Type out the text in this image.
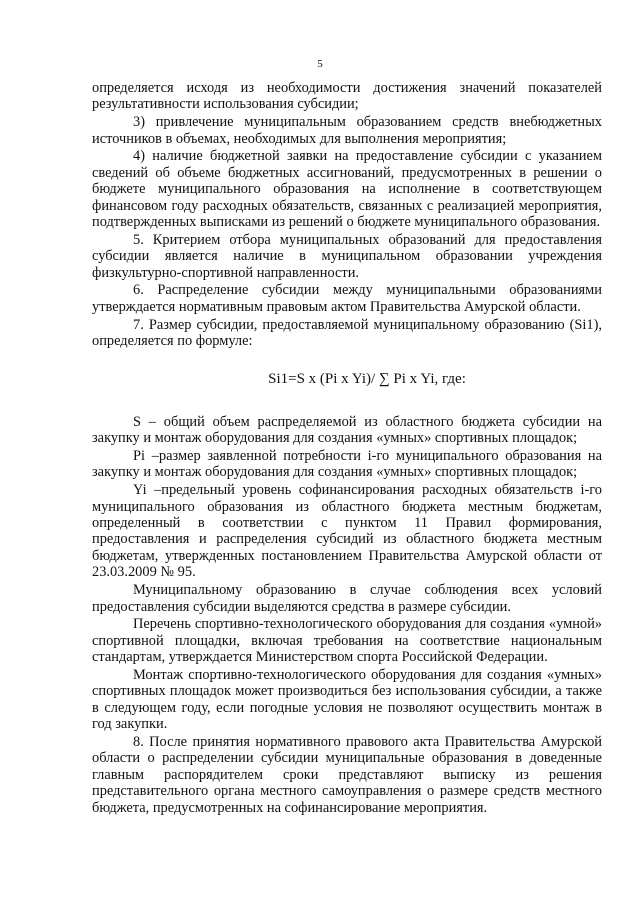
5

определяется исходя из необходимости достижения значений показателей результативности использования субсидии;

3) привлечение муниципальным образованием средств внебюджетных источников в объемах, необходимых для выполнения мероприятия;

4) наличие бюджетной заявки на предоставление субсидии с указанием сведений об объеме бюджетных ассигнований, предусмотренных в решении о бюджете муниципального образования на исполнение в соответствующем финансовом году расходных обязательств, связанных с реализацией мероприятия, подтвержденных выписками из решений о бюджете муниципального образования.

5. Критерием отбора муниципальных образований для предоставления субсидии является наличие в муниципальном образовании учреждения физкультурно-спортивной направленности.

6. Распределение субсидии между муниципальными образованиями утверждается нормативным правовым актом Правительства Амурской области.

7. Размер субсидии, предоставляемой муниципальному образованию (Si1), определяется по формуле:

Si1=S x (Pi x Yi)/ ∑ Pi x Yi, где:

S – общий объем распределяемой из областного бюджета субсидии на закупку и монтаж оборудования для создания «умных» спортивных площадок;

Pi –размер заявленной потребности i-го муниципального образования на закупку и монтаж оборудования для создания «умных» спортивных площадок;

Yi –предельный уровень софинансирования расходных обязательств i-го муниципального образования из областного бюджета местным бюджетам, определенный в соответствии с пунктом 11 Правил формирования, предоставления и распределения субсидий из областного бюджета местным бюджетам, утвержденных постановлением Правительства Амурской области от 23.03.2009 № 95.

Муниципальному образованию в случае соблюдения всех условий предоставления субсидии выделяются средства в размере субсидии.

Перечень спортивно-технологического оборудования для создания «умной» спортивной площадки, включая требования на соответствие национальным стандартам, утверждается Министерством спорта Российской Федерации.

Монтаж спортивно-технологического оборудования для создания «умных» спортивных площадок может производиться без использования субсидии, а также в следующем году, если погодные условия не позволяют осуществить монтаж в год закупки.

8. После принятия нормативного правового акта Правительства Амурской области о распределении субсидии муниципальные образования в доведенные главным распорядителем сроки представляют выписку из решения представительного органа местного самоуправления о размере средств местного бюджета, предусмотренных на софинансирование мероприятия.
